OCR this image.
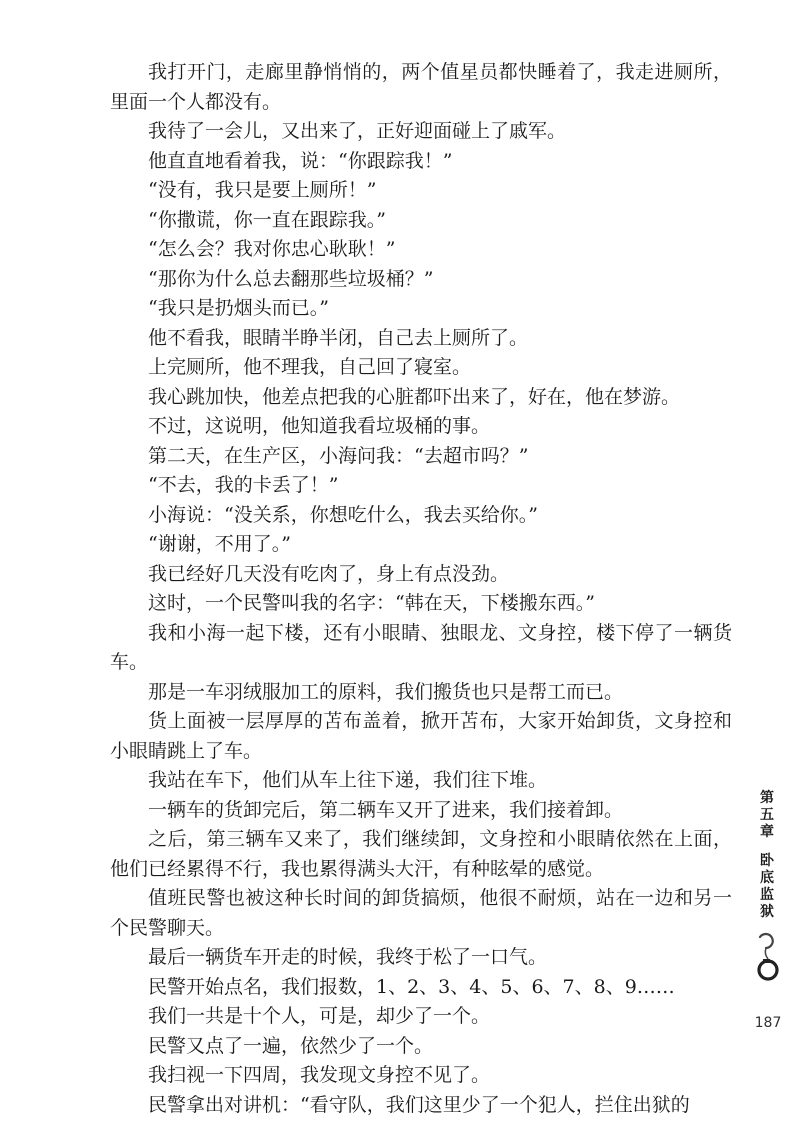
我打开门，走廊里静悄悄的，两个值星员都快睡着了，我走进厕所，里面一个人都没有。

我待了一会儿，又出来了，正好迎面碰上了戚军。

他直直地看着我，说：“你跟踪我！”

“没有，我只是要上厕所！”

“你撒谎，你一直在跟踪我。”

“怎么会？我对你忠心耿耿！”

“那你为什么总去翻那些垃圾桶？”

“我只是扔烟头而已。”

他不看我，眼睛半睁半闭，自己去上厕所了。

上完厕所，他不理我，自己回了寝室。

我心跳加快，他差点把我的心脏都吓出来了，好在，他在梦游。

不过，这说明，他知道我看垃圾桶的事。

第二天，在生产区，小海问我：“去超市吗？”

“不去，我的卡丢了！”

小海说：“没关系，你想吃什么，我去买给你。”

“谢谢，不用了。”

我已经好几天没有吃肉了，身上有点没劲。

这时，一个民警叫我的名字：“韩在天，下楼搬东西。”

我和小海一起下楼，还有小眼睛、独眼龙、文身控，楼下停了一辆货车。

那是一车羽绒服加工的原料，我们搬货也只是帮工而已。

货上面被一层厚厚的苫布盖着，掀开苫布，大家开始卸货，文身控和小眼睛跳上了车。

我站在车下，他们从车上往下递，我们往下堆。

一辆车的货卸完后，第二辆车又开了进来，我们接着卸。

之后，第三辆车又来了，我们继续卸，文身控和小眼睛依然在上面，他们已经累得不行，我也累得满头大汗，有种眩晕的感觉。

值班民警也被这种长时间的卸货搞烦，他很不耐烦，站在一边和另一个民警聊天。

最后一辆货车开走的时候，我终于松了一口气。

民警开始点名，我们报数，1、2、3、4、5、6、7、8、9……

我们一共是十个人，可是，却少了一个。

民警又点了一遍，依然少了一个。

我扫视一下四周，我发现文身控不见了。

民警拿出对讲机：“看守队，我们这里少了一个犯人，拦住出狱的

第五章
卧底监狱
187
